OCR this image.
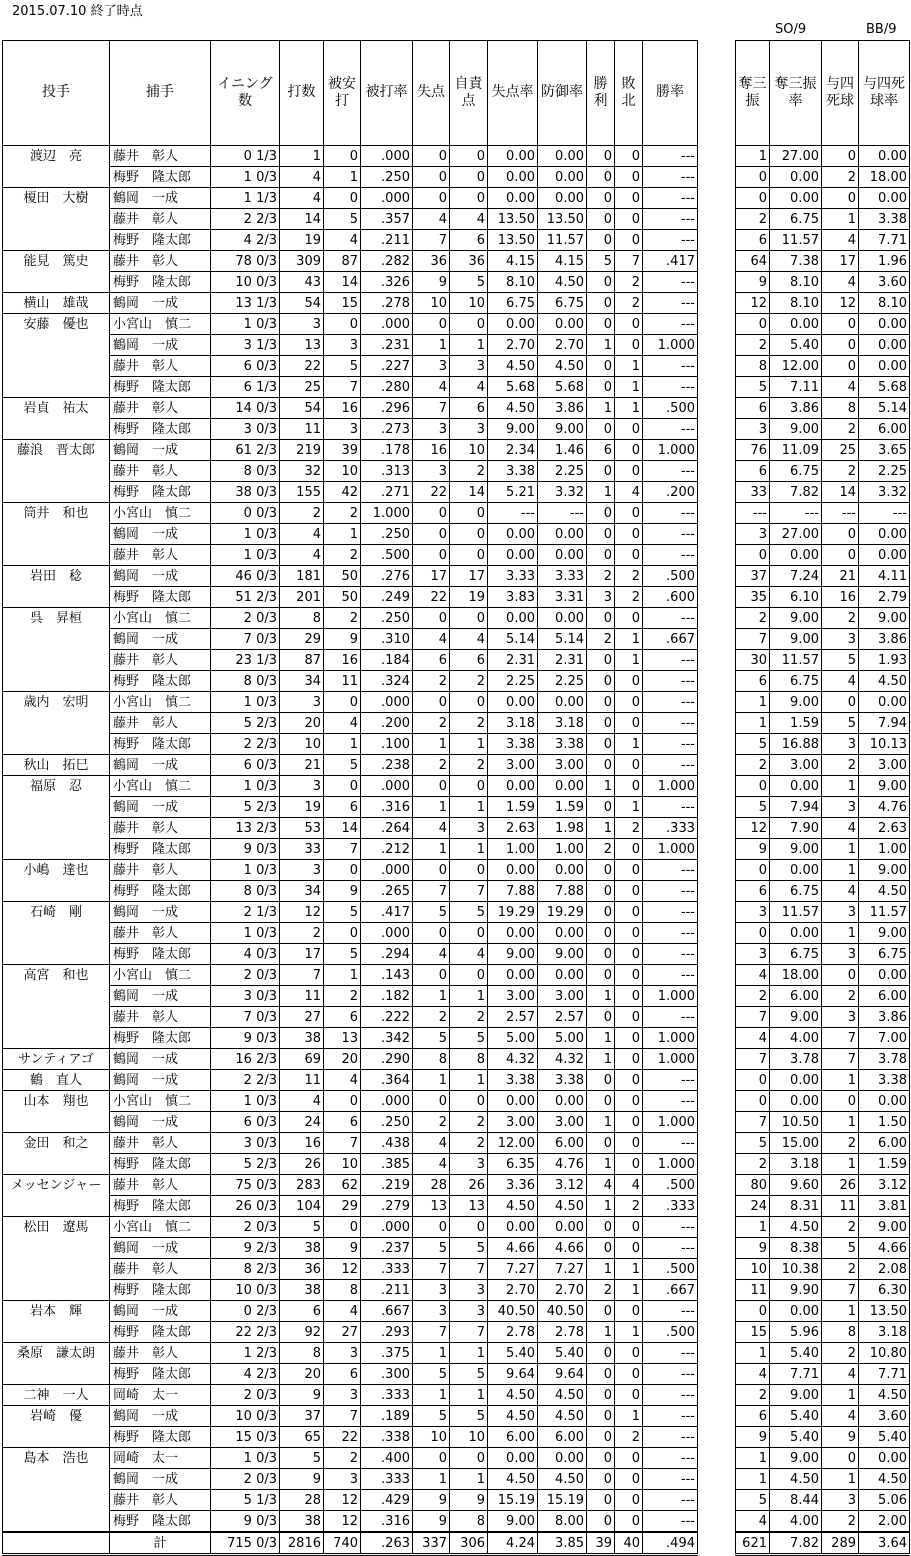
2015.07.10 終了時点
SO/9	BB/9
投手	捕手	イニング数	打数	被安打	被打率	失点	自責点	失点率	防御率	勝利	敗北	勝率
渡辺　亮	藤井　彰人	0 1/3	1	0	.000	0	0	0.00	0.00	0	0	---
	梅野　隆太郎	1 0/3	4	1	.250	0	0	0.00	0.00	0	0	---
榎田　大樹	鶴岡　一成	1 1/3	4	0	.000	0	0	0.00	0.00	0	0	---
	藤井　彰人	2 2/3	14	5	.357	4	4	13.50	13.50	0	0	---
	梅野　隆太郎	4 2/3	19	4	.211	7	6	13.50	11.57	0	0	---
能見　篤史	藤井　彰人	78 0/3	309	87	.282	36	36	4.15	4.15	5	7	.417
	梅野　隆太郎	10 0/3	43	14	.326	9	5	8.10	4.50	0	2	---
横山　雄哉	鶴岡　一成	13 1/3	54	15	.278	10	10	6.75	6.75	0	2	---
安藤　優也	小宮山　慎二	1 0/3	3	0	.000	0	0	0.00	0.00	0	0	---
	鶴岡　一成	3 1/3	13	3	.231	1	1	2.70	2.70	1	0	1.000
	藤井　彰人	6 0/3	22	5	.227	3	3	4.50	4.50	0	1	---
	梅野　隆太郎	6 1/3	25	7	.280	4	4	5.68	5.68	0	1	---
岩貞　祐太	藤井　彰人	14 0/3	54	16	.296	7	6	4.50	3.86	1	1	.500
	梅野　隆太郎	3 0/3	11	3	.273	3	3	9.00	9.00	0	0	---
藤浪　晋太郎	鶴岡　一成	61 2/3	219	39	.178	16	10	2.34	1.46	6	0	1.000
	藤井　彰人	8 0/3	32	10	.313	3	2	3.38	2.25	0	0	---
	梅野　隆太郎	38 0/3	155	42	.271	22	14	5.21	3.32	1	4	.200
筒井　和也	小宮山　慎二	0 0/3	2	2	1.000	0	0	---	---	0	0	---
	鶴岡　一成	1 0/3	4	1	.250	0	0	0.00	0.00	0	0	---
	藤井　彰人	1 0/3	4	2	.500	0	0	0.00	0.00	0	0	---
岩田　稔	鶴岡　一成	46 0/3	181	50	.276	17	17	3.33	3.33	2	2	.500
	梅野　隆太郎	51 2/3	201	50	.249	22	19	3.83	3.31	3	2	.600
呉　昇桓	小宮山　慎二	2 0/3	8	2	.250	0	0	0.00	0.00	0	0	---
	鶴岡　一成	7 0/3	29	9	.310	4	4	5.14	5.14	2	1	.667
	藤井　彰人	23 1/3	87	16	.184	6	6	2.31	2.31	0	1	---
	梅野　隆太郎	8 0/3	34	11	.324	2	2	2.25	2.25	0	0	---
歳内　宏明	小宮山　慎二	1 0/3	3	0	.000	0	0	0.00	0.00	0	0	---
	藤井　彰人	5 2/3	20	4	.200	2	2	3.18	3.18	0	0	---
	梅野　隆太郎	2 2/3	10	1	.100	1	1	3.38	3.38	0	1	---
秋山　拓巳	鶴岡　一成	6 0/3	21	5	.238	2	2	3.00	3.00	0	0	---
福原　忍	小宮山　慎二	1 0/3	3	0	.000	0	0	0.00	0.00	1	0	1.000
	鶴岡　一成	5 2/3	19	6	.316	1	1	1.59	1.59	0	1	---
	藤井　彰人	13 2/3	53	14	.264	4	3	2.63	1.98	1	2	.333
	梅野　隆太郎	9 0/3	33	7	.212	1	1	1.00	1.00	2	0	1.000
小嶋　達也	藤井　彰人	1 0/3	3	0	.000	0	0	0.00	0.00	0	0	---
	梅野　隆太郎	8 0/3	34	9	.265	7	7	7.88	7.88	0	0	---
石崎　剛	鶴岡　一成	2 1/3	12	5	.417	5	5	19.29	19.29	0	0	---
	藤井　彰人	1 0/3	2	0	.000	0	0	0.00	0.00	0	0	---
	梅野　隆太郎	4 0/3	17	5	.294	4	4	9.00	9.00	0	0	---
高宮　和也	小宮山　慎二	2 0/3	7	1	.143	0	0	0.00	0.00	0	0	---
	鶴岡　一成	3 0/3	11	2	.182	1	1	3.00	3.00	1	0	1.000
	藤井　彰人	7 0/3	27	6	.222	2	2	2.57	2.57	0	0	---
	梅野　隆太郎	9 0/3	38	13	.342	5	5	5.00	5.00	1	0	1.000
サンティアゴ	鶴岡　一成	16 2/3	69	20	.290	8	8	4.32	4.32	1	0	1.000
鶴　直人	鶴岡　一成	2 2/3	11	4	.364	1	1	3.38	3.38	0	0	---
山本　翔也	小宮山　慎二	1 0/3	4	0	.000	0	0	0.00	0.00	0	0	---
	鶴岡　一成	6 0/3	24	6	.250	2	2	3.00	3.00	1	0	1.000
金田　和之	藤井　彰人	3 0/3	16	7	.438	4	2	12.00	6.00	0	0	---
	梅野　隆太郎	5 2/3	26	10	.385	4	3	6.35	4.76	1	0	1.000
メッセンジャー	藤井　彰人	75 0/3	283	62	.219	28	26	3.36	3.12	4	4	.500
	梅野　隆太郎	26 0/3	104	29	.279	13	13	4.50	4.50	1	2	.333
松田　遼馬	小宮山　慎二	2 0/3	5	0	.000	0	0	0.00	0.00	0	0	---
	鶴岡　一成	9 2/3	38	9	.237	5	5	4.66	4.66	0	0	---
	藤井　彰人	8 2/3	36	12	.333	7	7	7.27	7.27	1	1	.500
	梅野　隆太郎	10 0/3	38	8	.211	3	3	2.70	2.70	2	1	.667
岩本　輝	鶴岡　一成	0 2/3	6	4	.667	3	3	40.50	40.50	0	0	---
	梅野　隆太郎	22 2/3	92	27	.293	7	7	2.78	2.78	1	1	.500
桑原　謙太朗	藤井　彰人	1 2/3	8	3	.375	1	1	5.40	5.40	0	0	---
	梅野　隆太郎	4 2/3	20	6	.300	5	5	9.64	9.64	0	0	---
二神　一人	岡崎　太一	2 0/3	9	3	.333	1	1	4.50	4.50	0	0	---
岩崎　優	鶴岡　一成	10 0/3	37	7	.189	5	5	4.50	4.50	0	1	---
	梅野　隆太郎	15 0/3	65	22	.338	10	10	6.00	6.00	0	2	---
島本　浩也	岡崎　太一	1 0/3	5	2	.400	0	0	0.00	0.00	0	0	---
	鶴岡　一成	2 0/3	9	3	.333	1	1	4.50	4.50	0	0	---
	藤井　彰人	5 1/3	28	12	.429	9	9	15.19	15.19	0	0	---
	梅野　隆太郎	9 0/3	38	12	.316	9	8	9.00	8.00	0	0	---
	計	715 0/3	2816	740	.263	337	306	4.24	3.85	39	40	.494
奪三振	奪三振率	与四死球	与四死球率
1	27.00	0	0.00
0	0.00	2	18.00
0	0.00	0	0.00
2	6.75	1	3.38
6	11.57	4	7.71
64	7.38	17	1.96
9	8.10	4	3.60
12	8.10	12	8.10
0	0.00	0	0.00
2	5.40	0	0.00
8	12.00	0	0.00
5	7.11	4	5.68
6	3.86	8	5.14
3	9.00	2	6.00
76	11.09	25	3.65
6	6.75	2	2.25
33	7.82	14	3.32
---	---	---	---
3	27.00	0	0.00
0	0.00	0	0.00
37	7.24	21	4.11
35	6.10	16	2.79
2	9.00	2	9.00
7	9.00	3	3.86
30	11.57	5	1.93
6	6.75	4	4.50
1	9.00	0	0.00
1	1.59	5	7.94
5	16.88	3	10.13
2	3.00	2	3.00
0	0.00	1	9.00
5	7.94	3	4.76
12	7.90	4	2.63
9	9.00	1	1.00
0	0.00	1	9.00
6	6.75	4	4.50
3	11.57	3	11.57
0	0.00	1	9.00
3	6.75	3	6.75
4	18.00	0	0.00
2	6.00	2	6.00
7	9.00	3	3.86
4	4.00	7	7.00
7	3.78	7	3.78
0	0.00	1	3.38
0	0.00	0	0.00
7	10.50	1	1.50
5	15.00	2	6.00
2	3.18	1	1.59
80	9.60	26	3.12
24	8.31	11	3.81
1	4.50	2	9.00
9	8.38	5	4.66
10	10.38	2	2.08
11	9.90	7	6.30
0	0.00	1	13.50
15	5.96	8	3.18
1	5.40	2	10.80
4	7.71	4	7.71
2	9.00	1	4.50
6	5.40	4	3.60
9	5.40	9	5.40
1	9.00	0	0.00
1	4.50	1	4.50
5	8.44	3	5.06
4	4.00	2	2.00
621	7.82	289	3.64
